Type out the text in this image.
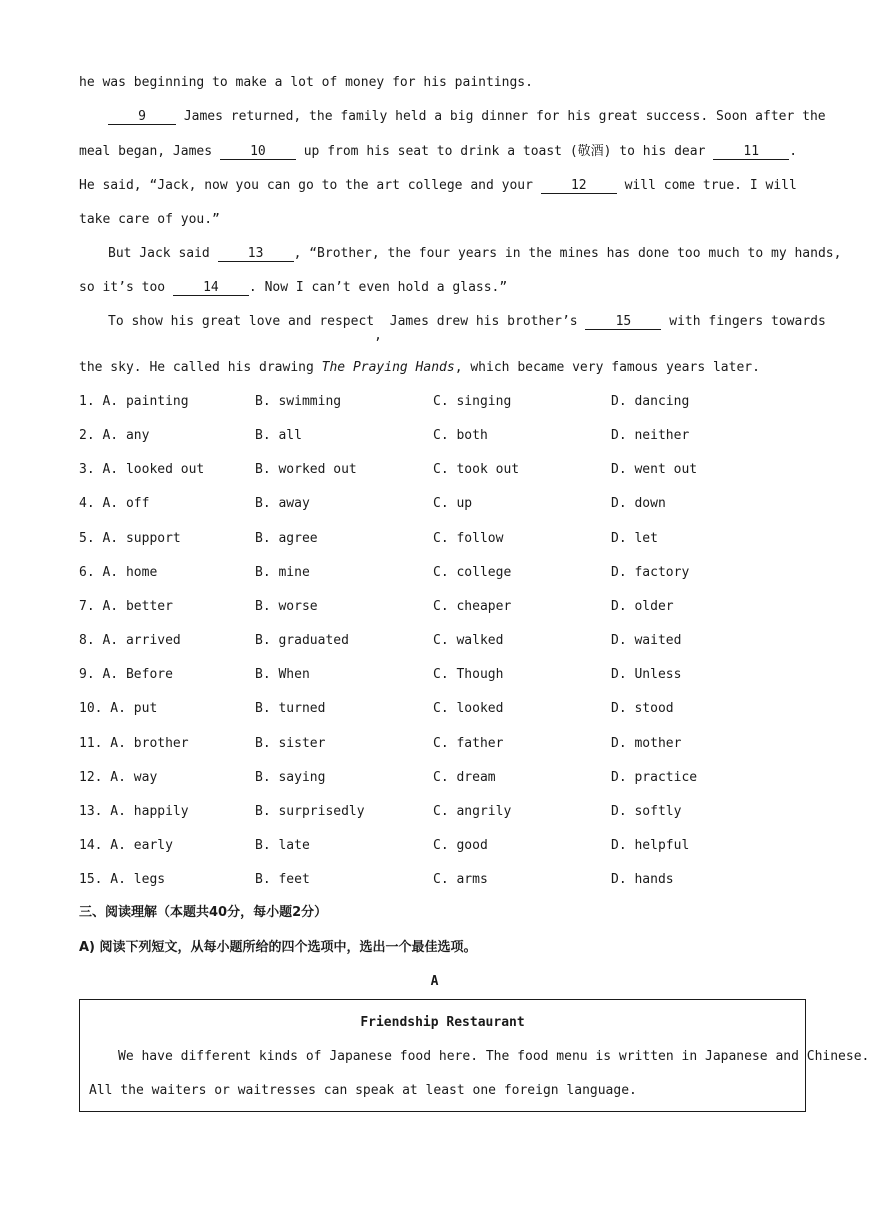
he was beginning to make a lot of money for his paintings.
9 James returned, the family held a big dinner for his great success. Soon after the
meal began, James 10 up from his seat to drink a toast (敬酒) to his dear 11 .
He said, “Jack, now you can go to the art college and your 12 will come true. I will
take care of you.”
But Jack said 13 , “Brother, the four years in the mines has done too much to my hands,
so it’s too 14 . Now I can’t even hold a glass.”
To show his great love and respect, James drew his brother’s 15 with fingers towards
the sky. He called his drawing The Praying Hands, which became very famous years later.
1. A. painting	B. swimming	C. singing	D. dancing
2. A. any	B. all	C. both	D. neither
3. A. looked out	B. worked out	C. took out	D. went out
4. A. off	B. away	C. up	D. down
5. A. support	B. agree	C. follow	D. let
6. A. home	B. mine	C. college	D. factory
7. A. better	B. worse	C. cheaper	D. older
8. A. arrived	B. graduated	C. walked	D. waited
9. A. Before	B. When	C. Though	D. Unless
10. A. put	B. turned	C. looked	D. stood
11. A. brother	B. sister	C. father	D. mother
12. A. way	B. saying	C. dream	D. practice
13. A. happily	B. surprisedly	C. angrily	D. softly
14. A. early	B. late	C. good	D. helpful
15. A. legs	B. feet	C. arms	D. hands
三、阅读理解（本题共40分，每小题2分）
A) 阅读下列短文，从每小题所给的四个选项中，选出一个最佳选项。
A
Friendship Restaurant
We have different kinds of Japanese food here. The food menu is written in Japanese and Chinese.
All the waiters or waitresses can speak at least one foreign language.
